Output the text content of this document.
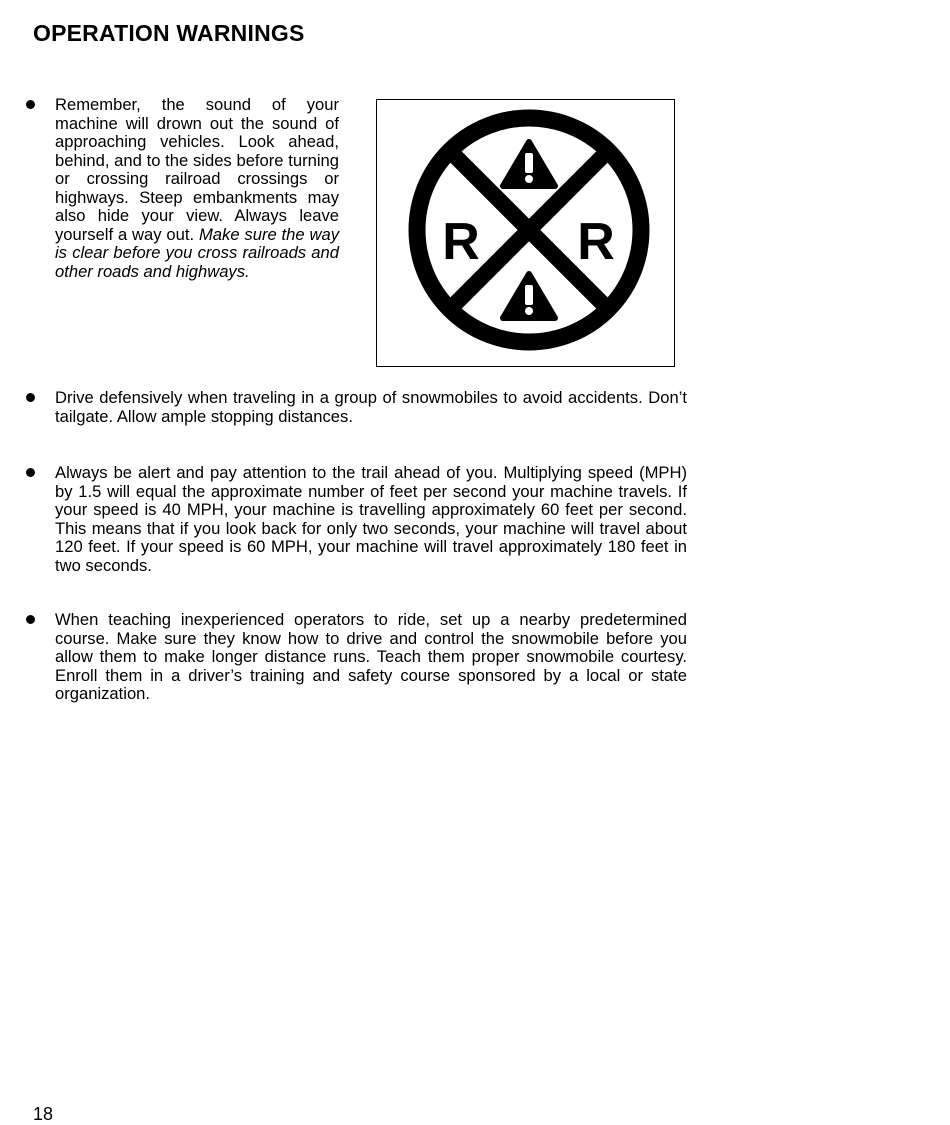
OPERATION WARNINGS

Remember, the sound of your machine will drown out the sound of approaching vehicles. Look ahead, behind, and to the sides before turning or crossing railroad crossings or highways. Steep embankments may also hide your view. Always leave yourself a way out. Make sure the way is clear before you cross railroads and other roads and highways.	R R

Drive defensively when traveling in a group of snowmobiles to avoid accidents. Don’t tailgate. Allow ample stopping distances.

Always be alert and pay attention to the trail ahead of you. Multiplying speed (MPH) by 1.5 will equal the approximate number of feet per second your machine travels. If your speed is 40 MPH, your machine is travelling approximately 60 feet per second. This means that if you look back for only two seconds, your machine will travel about 120 feet. If your speed is 60 MPH, your machine will travel approximately 180 feet in two seconds.

When teaching inexperienced operators to ride, set up a nearby predetermined course. Make sure they know how to drive and control the snowmobile before you allow them to make longer distance runs. Teach them proper snowmobile courtesy. Enroll them in a driver’s training and safety course sponsored by a local or state organization.

18
